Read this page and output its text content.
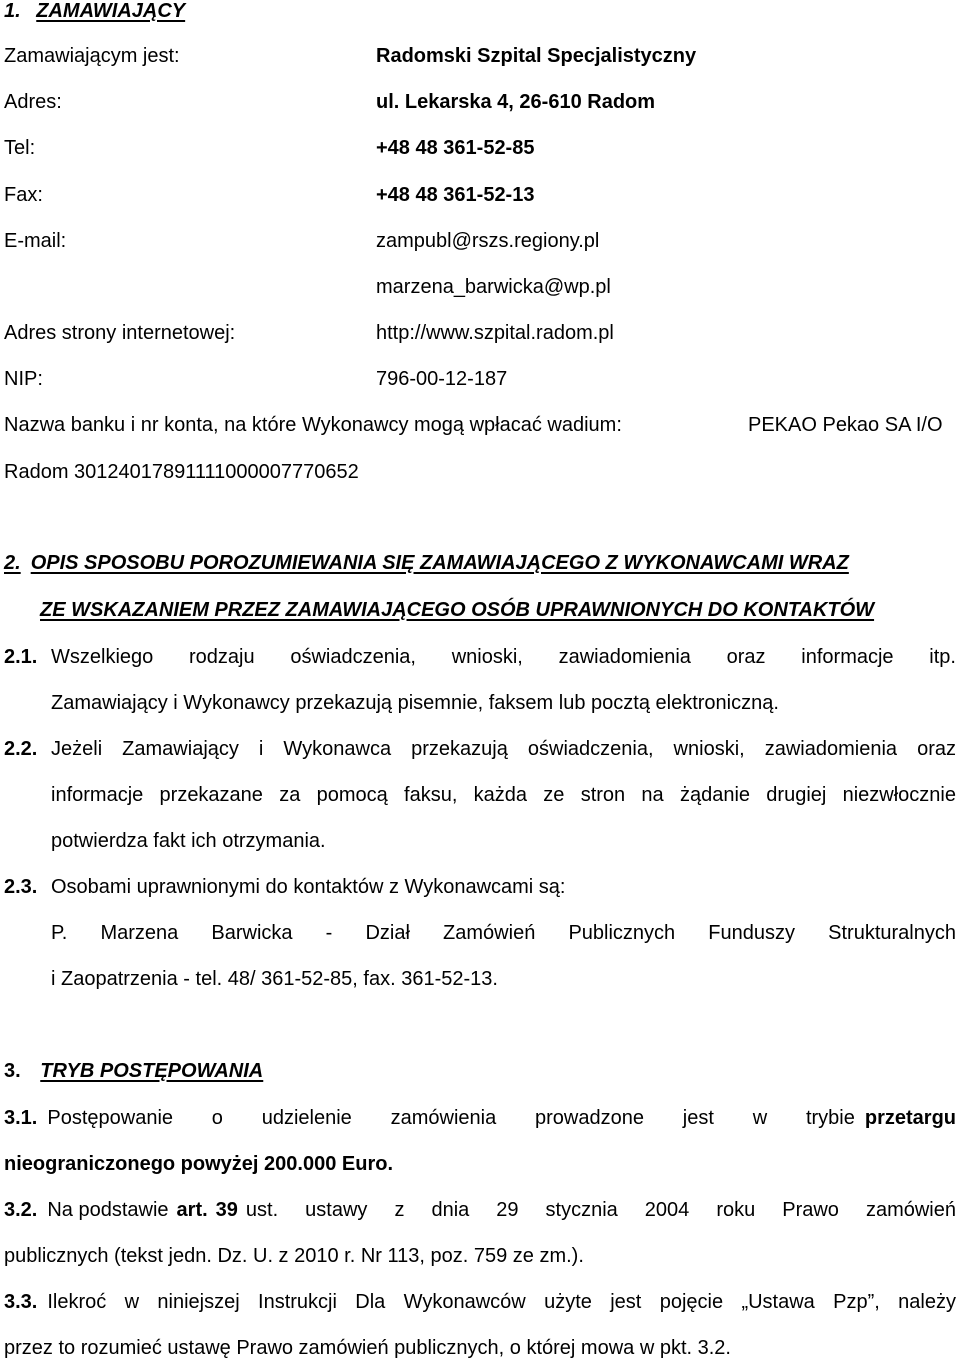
1. ZAMAWIAJĄCY
Zamawiającym jest:	Radomski Szpital Specjalistyczny
Adres:	ul. Lekarska 4, 26-610 Radom
Tel:	+48 48 361-52-85
Fax:	+48 48 361-52-13
E-mail:	zampubl@rszs.regiony.pl
marzena_barwicka@wp.pl
Adres strony internetowej:	http://www.szpital.radom.pl
NIP:	796-00-12-187
Nazwa banku i nr konta, na które Wykonawcy mogą wpłacać wadium:	PEKAO Pekao SA I/O
Radom 30124017891111000007770652
2. OPIS SPOSOBU POROZUMIEWANIA SIĘ ZAMAWIAJĄCEGO Z WYKONAWCAMI WRAZ
ZE WSKAZANIEM PRZEZ ZAMAWIAJĄCEGO OSÓB UPRAWNIONYCH DO KONTAKTÓW
2.1. Wszelkiego rodzaju oświadczenia, wnioski, zawiadomienia oraz informacje itp.
Zamawiający i Wykonawcy przekazują pisemnie, faksem lub pocztą elektroniczną.
2.2. Jeżeli Zamawiający i Wykonawca przekazują oświadczenia, wnioski, zawiadomienia oraz
informacje przekazane za pomocą faksu, każda ze stron na żądanie drugiej niezwłocznie
potwierdza fakt ich otrzymania.
2.3. Osobami uprawnionymi do kontaktów z Wykonawcami są:
P. Marzena Barwicka - Dział Zamówień Publicznych Funduszy Strukturalnych
i Zaopatrzenia - tel. 48/ 361-52-85, fax. 361-52-13.
3. TRYB POSTĘPOWANIA
3.1. Postępowanie o udzielenie zamówienia prowadzone jest w trybie przetargu
nieograniczonego powyżej 200.000 Euro.
3.2. Na podstawie art. 39 ust. ustawy z dnia 29 stycznia 2004 roku Prawo zamówień
publicznych (tekst jedn. Dz. U. z 2010 r. Nr 113, poz. 759 ze zm.).
3.3. Ilekroć w niniejszej Instrukcji Dla Wykonawców użyte jest pojęcie „Ustawa Pzp”, należy
przez to rozumieć ustawę Prawo zamówień publicznych, o której mowa w pkt. 3.2.
